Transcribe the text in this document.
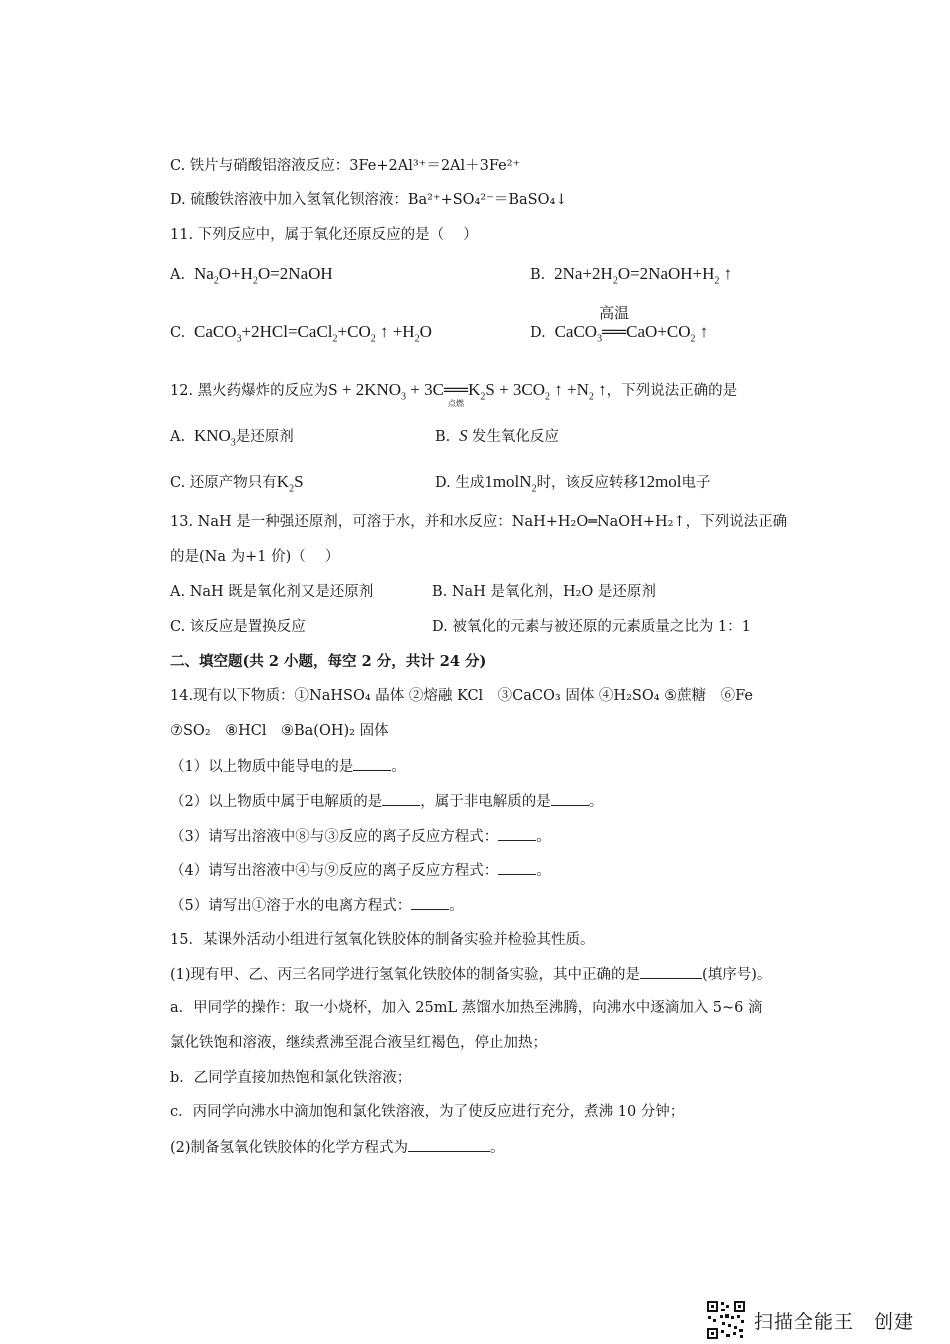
C. 铁片与硝酸铝溶液反应：3Fe+2Al³⁺＝2Al＋3Fe²⁺
D. 硫酸铁溶液中加入氢氧化钡溶液：Ba²⁺+SO₄²⁻＝BaSO₄↓
11. 下列反应中，属于氧化还原反应的是（　 ）
A.  $Na_2O+H_2O=2NaOH$	B.  $2Na+2H_2O=2NaOH+H_2$ ↑
C.  $CaCO_3+2HCl=CaCl_2+CO_2$ ↑ $+H_2O$	D.  CaCO$_3$
高温
$══CaO+CO_2$ ↑
12. 黑火药爆炸的反应为$S + 2KNO_3$ + 3C══
点燃
$K_2S + 3CO_2$ ↑ $+N_2$ ↑，下列说法正确的是
A.  $KNO_3$是还原剂	B.  S 发生氧化反应
C. 还原产物只有$K_2S$	D. 生成1molN$_2$时，该反应转移12mol电子
13. NaH 是一种强还原剂，可溶于水，并和水反应：NaH+H₂O═NaOH+H₂↑，下列说法正确
的是(Na 为+1 价)（　 ）
A. NaH 既是氧化剂又是还原剂	B. NaH 是氧化剂，H₂O 是还原剂
C. 该反应是置换反应	D. 被氧化的元素与被还原的元素质量之比为 1：1
二、填空题(共 2 小题，每空 2 分，共计 24 分)
14.现有以下物质：①NaHSO₄ 晶体 ②熔融 KCl　③CaCO₃ 固体 ④H₂SO₄ ⑤蔗糖　⑥Fe
⑦SO₂　⑧HCl　⑨Ba(OH)₂ 固体
（1）以上物质中能导电的是	。
（2）以上物质中属于电解质的是	，属于非电解质的是	。
（3）请写出溶液中⑧与③反应的离子反应方程式：	。
（4）请写出溶液中④与⑨反应的离子反应方程式：	。
（5）请写出①溶于水的电离方程式：	。
15．某课外活动小组进行氢氧化铁胶体的制备实验并检验其性质。
(1)现有甲、乙、丙三名同学进行氢氧化铁胶体的制备实验，其中正确的是	(填序号)。
a．甲同学的操作：取一小烧杯，加入 25mL 蒸馏水加热至沸腾，向沸水中逐滴加入 5~6 滴
氯化铁饱和溶液，继续煮沸至混合液呈红褐色，停止加热；
b．乙同学直接加热饱和氯化铁溶液；
c．丙同学向沸水中滴加饱和氯化铁溶液，为了使反应进行充分，煮沸 10 分钟；
(2)制备氢氧化铁胶体的化学方程式为	。
扫描全能王　创建
